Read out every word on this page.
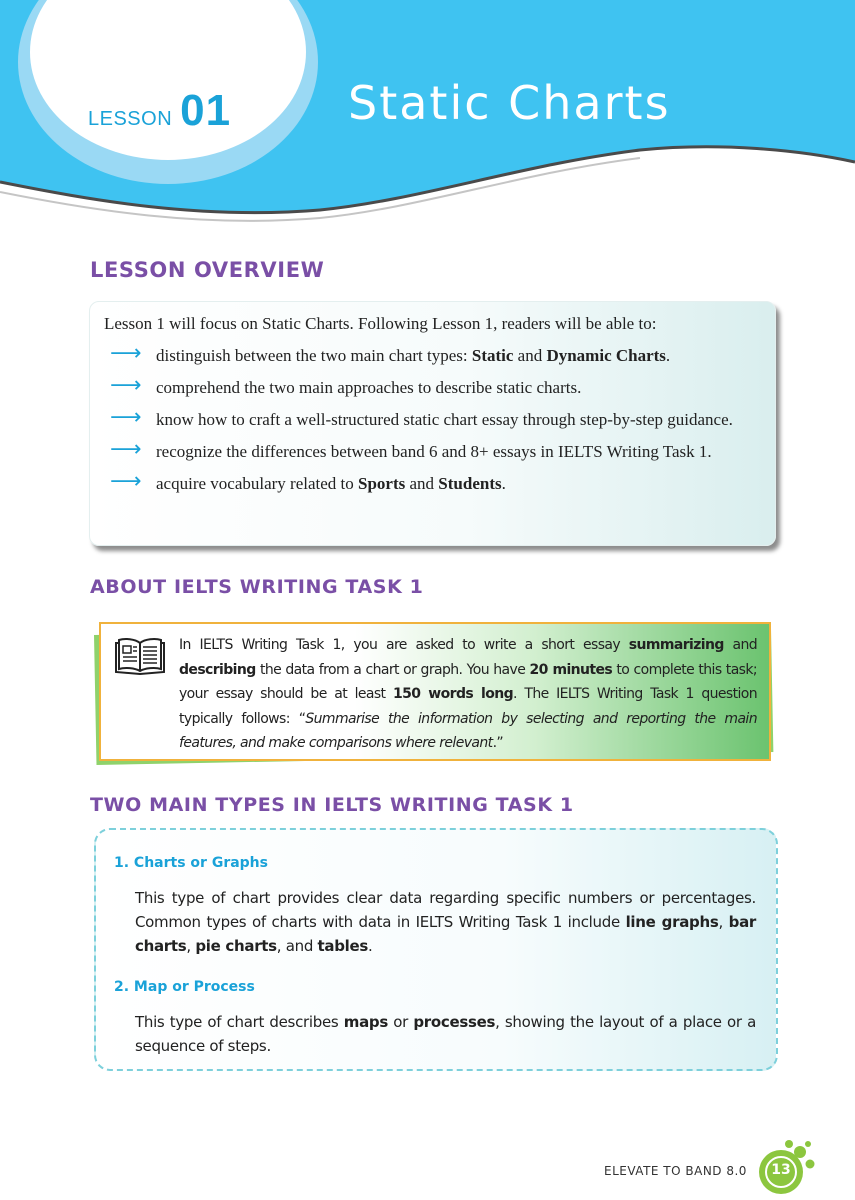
LESSON 01	Static Charts
LESSON OVERVIEW
Lesson 1 will focus on Static Charts. Following Lesson 1, readers will be able to:
⟶ distinguish between the two main chart types: Static and Dynamic Charts.
⟶ comprehend the two main approaches to describe static charts.
⟶ know how to craft a well-structured static chart essay through step-by-step guidance.
⟶ recognize the differences between band 6 and 8+ essays in IELTS Writing Task 1.
⟶ acquire vocabulary related to Sports and Students.
ABOUT IELTS WRITING TASK 1

In IELTS Writing Task 1, you are asked to write a short essay summarizing and describing the data from a chart or graph. You have 20 minutes to complete this task; your essay should be at least 150 words long. The IELTS Writing Task 1 question typically follows: “Summarise the information by selecting and reporting the main features, and make comparisons where relevant.”

TWO MAIN TYPES IN IELTS WRITING TASK 1
1. Charts or Graphs

This type of chart provides clear data regarding specific numbers or percentages. Common types of charts with data in IELTS Writing Task 1 include line graphs, bar charts, pie charts, and tables.

2. Map or Process

This type of chart describes maps or processes, showing the layout of a place or a sequence of steps.

ELEVATE TO BAND 8.0	13
